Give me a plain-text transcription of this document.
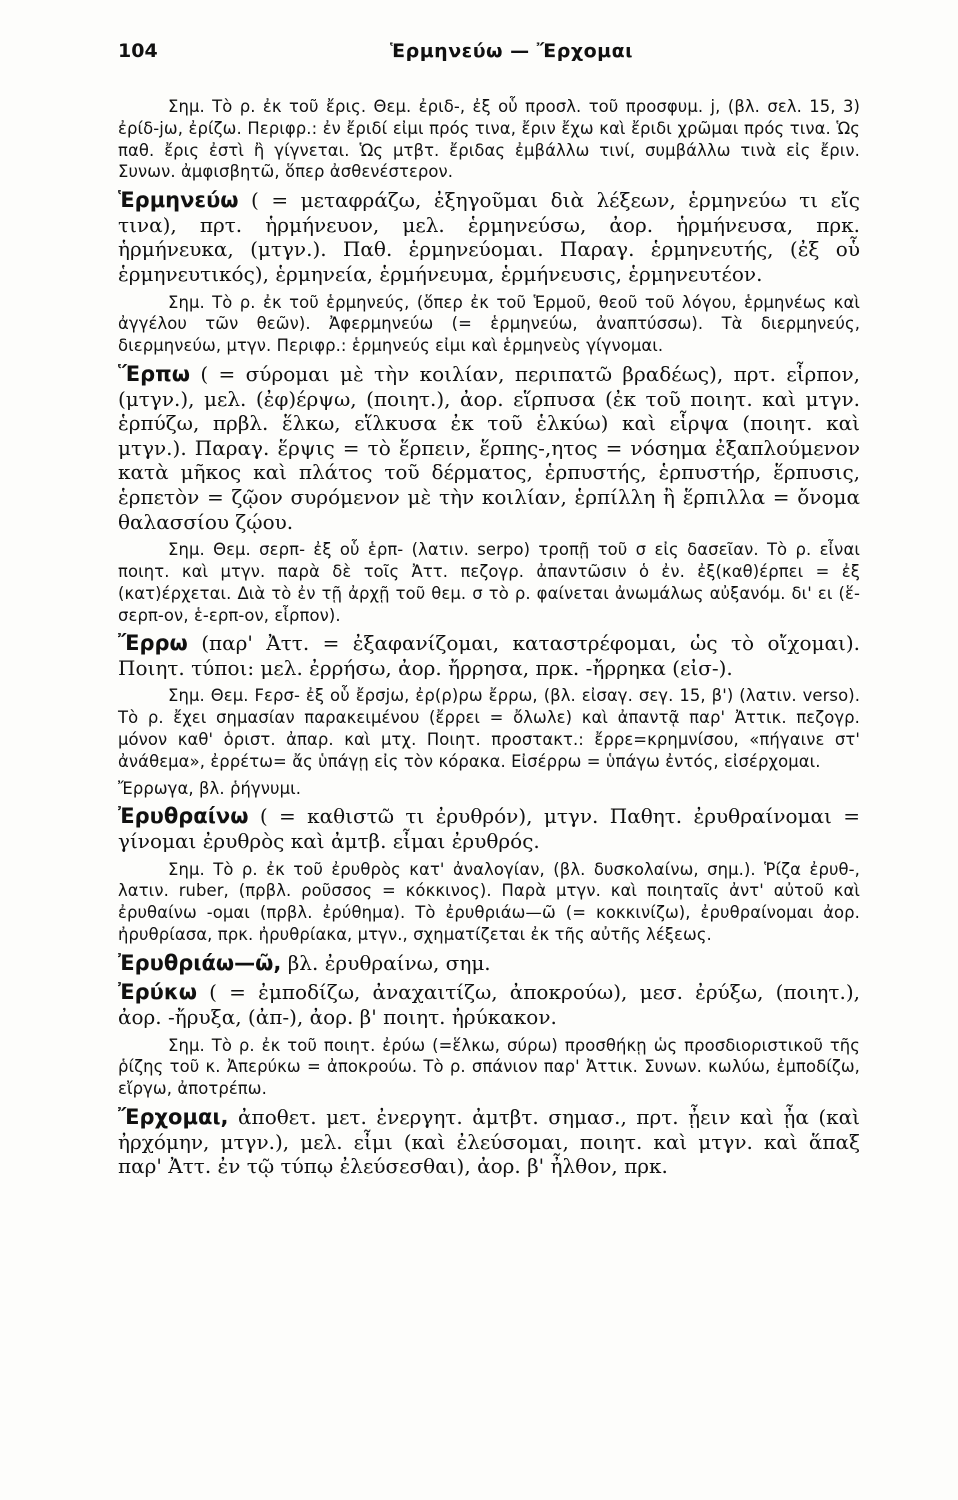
104	Ἑρμηνεύω — Ἔρχομαι

Σημ. Τὸ ρ. ἐκ τοῦ ἔρις. Θεμ. ἐριδ-, ἐξ οὗ προσλ. τοῦ προσφυμ. j, (βλ. σελ. 15, 3) ἐρίδ-jω, ἐρίζω. Περιφρ.: ἐν ἔριδί εἰμι πρός τινα, ἔριν ἔχω καὶ ἔριδι χρῶμαι πρός τινα. Ὡς παθ. ἔρις ἐστὶ ἢ γίγνεται. Ὡς μτβτ. ἔριδας ἐμβάλλω τινί, συμβάλλω τινὰ εἰς ἔριν. Συνων. ἀμφισβητῶ, ὅπερ ἀσθενέστερον.

Ἑρμηνεύω ( = μεταφράζω, ἐξηγοῦμαι διὰ λέξεων, ἑρμηνεύω τι εἴς τινα), πρτ. ἡρμήνευον, μελ. ἑρμηνεύσω, ἀορ. ἡρμήνευσα, πρκ. ἡρμήνευκα, (μτγν.). Παθ. ἑρμηνεύομαι. Παραγ. ἑρμηνευτής, (ἐξ οὗ ἑρμηνευτικός), ἑρμηνεία, ἑρμήνευμα, ἑρμήνευσις, ἑρμηνευτέον.

Σημ. Τὸ ρ. ἐκ τοῦ ἑρμηνεύς, (ὅπερ ἐκ τοῦ Ἑρμοῦ, θεοῦ τοῦ λόγου, ἑρμηνέως καὶ ἀγγέλου τῶν θεῶν). Ἀφερμηνεύω (= ἑρμηνεύω, ἀναπτύσσω). Τὰ διερμηνεύς, διερμηνεύω, μτγν. Περιφρ.: ἑρμηνεύς εἰμι καὶ ἑρμηνεὺς γίγνομαι.

Ἕρπω ( = σύρομαι μὲ τὴν κοιλίαν, περιπατῶ βραδέως), πρτ. εἷρπον, (μτγν.), μελ. (ἐφ)έρψω, (ποιητ.), ἀορ. εἵρπυσα (ἐκ τοῦ ποιητ. καὶ μτγν. ἑρπύζω, πρβλ. ἕλκω, εἵλκυσα ἐκ τοῦ ἑλκύω) καὶ εἷρψα (ποιητ. καὶ μτγν.). Παραγ. ἕρψις = τὸ ἕρπειν, ἕρπης-,ητος = νόσημα ἐξαπλούμενον κατὰ μῆκος καὶ πλάτος τοῦ δέρματος, ἑρπυστής, ἑρπυστήρ, ἕρπυσις, ἑρπετὸν = ζῷον συρόμενον μὲ τὴν κοιλίαν, ἑρπίλλη ἢ ἕρπιλλα = ὄνομα θαλασσίου ζῴου.

Σημ. Θεμ. σερπ- ἐξ οὗ ἑρπ- (λατιν. serpo) τροπῇ τοῦ σ εἰς δασεῖαν. Τὸ ρ. εἶναι ποιητ. καὶ μτγν. παρὰ δὲ τοῖς Ἀττ. πεζογρ. ἀπαντῶσιν ὁ ἐν. ἐξ(καθ)έρπει = ἐξ (κατ)έρχεται. Διὰ τὸ ἐν τῇ ἀρχῇ τοῦ θεμ. σ τὸ ρ. φαίνεται ἀνωμάλως αὐξανόμ. δι' ει (ἕ-σερπ-ον, ἑ-ερπ-ον, εἷρπον).

Ἔρρω (παρ' Ἀττ. = ἐξαφανίζομαι, καταστρέφομαι, ὡς τὸ οἴχομαι). Ποιητ. τύποι: μελ. ἐρρήσω, ἀορ. ἤρρησα, πρκ. -ἤρρηκα (εἰσ-).

Σημ. Θεμ. Fερσ- ἐξ οὗ ἔρσjω, ἐρ(ρ)ρω ἔρρω, (βλ. εἰσαγ. σεγ. 15, β') (λατιν. verso). Τὸ ρ. ἔχει σημασίαν παρακειμένου (ἔρρει = ὄλωλε) καὶ ἀπαντᾷ παρ' Ἀττικ. πεζογρ. μόνον καθ' ὁριστ. ἀπαρ. καὶ μτχ. Ποιητ. προστακτ.: ἔρρε=κρημνίσου, «πήγαινε στ' ἀνάθεμα», ἐρρέτω= ἄς ὑπάγῃ εἰς τὸν κόρακα. Εἰσέρρω = ὑπάγω ἐντός, εἰσέρχομαι.

Ἔρρωγα, βλ. ῥήγνυμι.

Ἐρυθραίνω ( = καθιστῶ τι ἐρυθρόν), μτγν. Παθητ. ἐρυθραίνομαι = γίνομαι ἐρυθρὸς καὶ ἀμτβ. εἶμαι ἐρυθρός.

Σημ. Τὸ ρ. ἐκ τοῦ ἐρυθρὸς κατ' ἀναλογίαν, (βλ. δυσκολαίνω, σημ.). Ῥίζα ἐρυθ-, λατιν. ruber, (πρβλ. ροῦσσος = κόκκινος). Παρὰ μτγν. καὶ ποιηταῖς ἀντ' αὐτοῦ καὶ ἐρυθαίνω -ομαι (πρβλ. ἐρύθημα). Τὸ ἐρυθριάω—ῶ (= κοκκινίζω), ἐρυθραίνομαι ἀορ. ἠρυθρίασα, πρκ. ἠρυθρίακα, μτγν., σχηματίζεται ἐκ τῆς αὐτῆς λέξεως.

Ἐρυθριάω—ῶ, βλ. ἐρυθραίνω, σημ.

Ἐρύκω ( = ἐμποδίζω, ἀναχαιτίζω, ἀποκρούω), μεσ. ἐρύξω, (ποιητ.), ἀορ. -ἤρυξα, (ἀπ-), ἀορ. β' ποιητ. ἠρύκακον.

Σημ. Τὸ ρ. ἐκ τοῦ ποιητ. ἐρύω (=ἕλκω, σύρω) προσθήκῃ ὡς προσδιοριστικοῦ τῆς ῥίζης τοῦ κ. Ἀπερύκω = ἀποκρούω. Τὸ ρ. σπάνιον παρ' Ἀττικ. Συνων. κωλύω, ἐμποδίζω, εἴργω, ἀποτρέπω.

Ἔρχομαι, ἀποθετ. μετ. ἐνεργητ. ἀμτβτ. σημασ., πρτ. ᾖειν καὶ ᾖα (καὶ ἠρχόμην, μτγν.), μελ. εἶμι (καὶ ἐλεύσομαι, ποιητ. καὶ μτγν. καὶ ἅπαξ παρ' Ἀττ. ἐν τῷ τύπῳ ἐλεύσεσθαι), ἀορ. β' ἦλθον, πρκ.
